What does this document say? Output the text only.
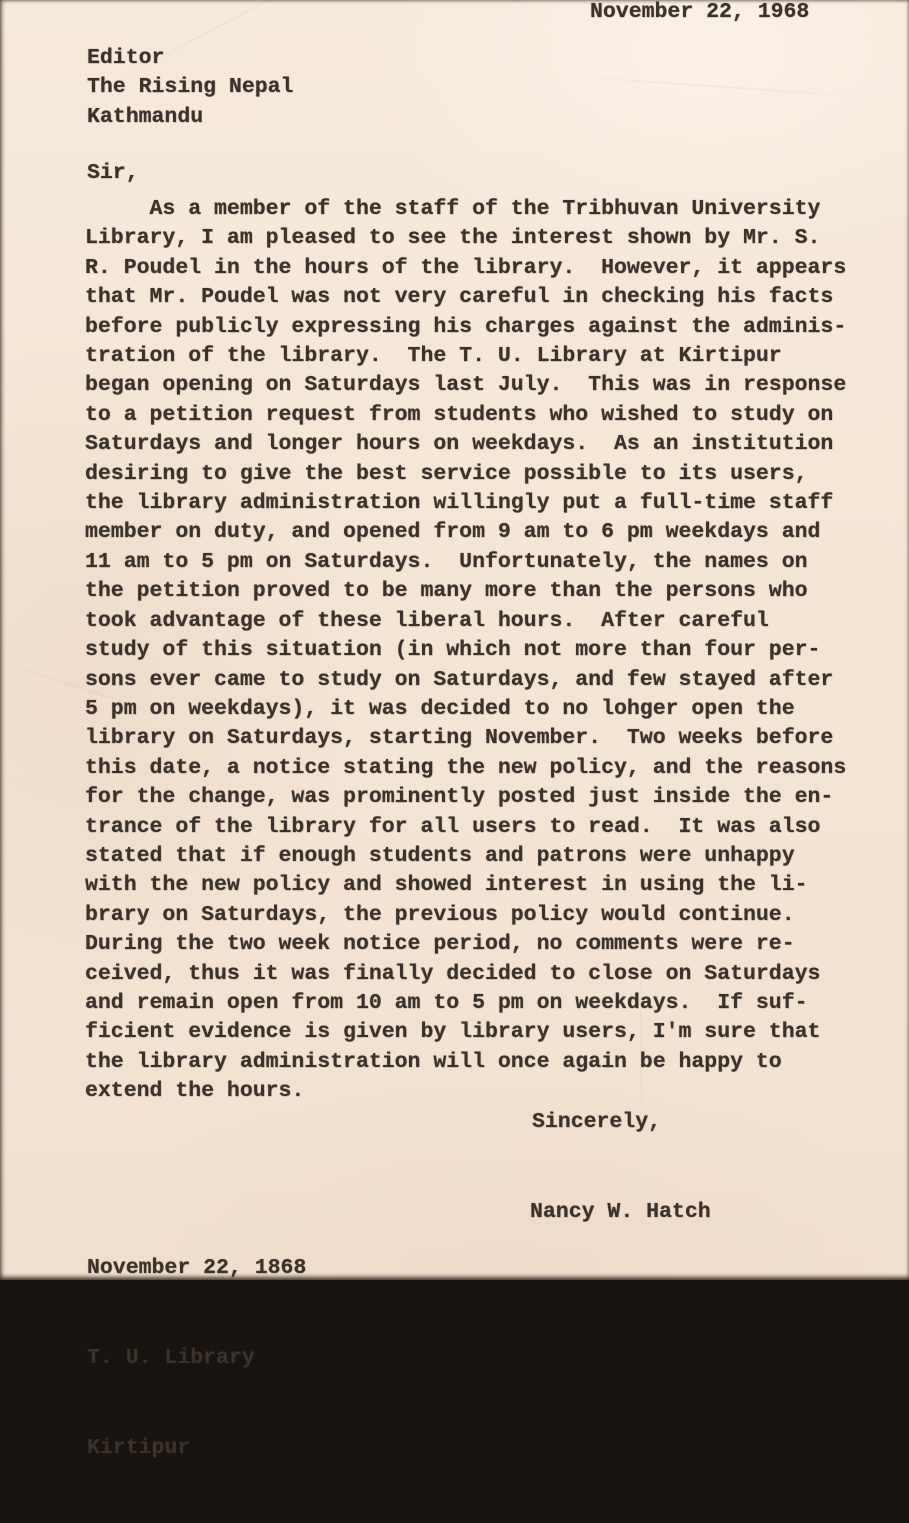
November 22, 1968
Editor
The Rising Nepal
Kathmandu
Sir,
As a member of the staff of the Tribhuvan University
Library, I am pleased to see the interest shown by Mr. S.
R. Poudel in the hours of the library.  However, it appears
that Mr. Poudel was not very careful in checking his facts
before publicly expressing his charges against the adminis-
tration of the library.  The T. U. Library at Kirtipur
began opening on Saturdays last July.  This was in response
to a petition request from students who wished to study on
Saturdays and longer hours on weekdays.  As an institution
desiring to give the best service possible to its users,
the library administration willingly put a full-time staff
member on duty, and opened from 9 am to 6 pm weekdays and
11 am to 5 pm on Saturdays.  Unfortunately, the names on
the petition proved to be many more than the persons who
took advantage of these liberal hours.  After careful
study of this situation (in which not more than four per-
sons ever came to study on Saturdays, and few stayed after
5 pm on weekdays), it was decided to no lohger open the
library on Saturdays, starting November.  Two weeks before
this date, a notice stating the new policy, and the reasons
for the change, was prominently posted just inside the en-
trance of the library for all users to read.  It was also
stated that if enough students and patrons were unhappy
with the new policy and showed interest in using the li-
brary on Saturdays, the previous policy would continue.
During the two week notice period, no comments were re-
ceived, thus it was finally decided to close on Saturdays
and remain open from 10 am to 5 pm on weekdays.  If suf-
ficient evidence is given by library users, I'm sure that
the library administration will once again be happy to
extend the hours.
Sincerely,

November 22, 1868

T. U. Library

Kirtipur

Nancy W. Hatch
